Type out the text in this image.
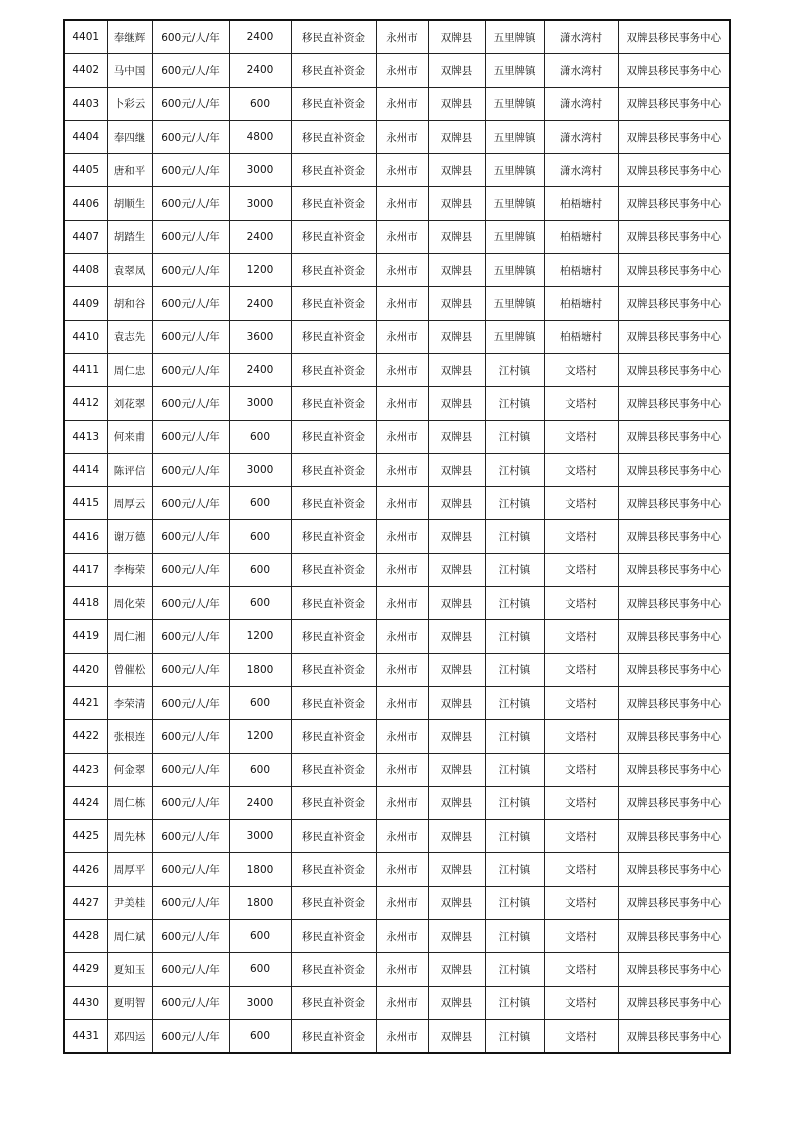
4401	奉继辉	600元/人/年	2400	移民直补资金	永州市	双牌县	五里牌镇	潇水湾村	双牌县移民事务中心
4402	马中国	600元/人/年	2400	移民直补资金	永州市	双牌县	五里牌镇	潇水湾村	双牌县移民事务中心
4403	卜彩云	600元/人/年	600	移民直补资金	永州市	双牌县	五里牌镇	潇水湾村	双牌县移民事务中心
4404	奉四继	600元/人/年	4800	移民直补资金	永州市	双牌县	五里牌镇	潇水湾村	双牌县移民事务中心
4405	唐和平	600元/人/年	3000	移民直补资金	永州市	双牌县	五里牌镇	潇水湾村	双牌县移民事务中心
4406	胡顺生	600元/人/年	3000	移民直补资金	永州市	双牌县	五里牌镇	柏梧塘村	双牌县移民事务中心
4407	胡踏生	600元/人/年	2400	移民直补资金	永州市	双牌县	五里牌镇	柏梧塘村	双牌县移民事务中心
4408	袁翠凤	600元/人/年	1200	移民直补资金	永州市	双牌县	五里牌镇	柏梧塘村	双牌县移民事务中心
4409	胡和谷	600元/人/年	2400	移民直补资金	永州市	双牌县	五里牌镇	柏梧塘村	双牌县移民事务中心
4410	袁志先	600元/人/年	3600	移民直补资金	永州市	双牌县	五里牌镇	柏梧塘村	双牌县移民事务中心
4411	周仁忠	600元/人/年	2400	移民直补资金	永州市	双牌县	江村镇	文塔村	双牌县移民事务中心
4412	刘花翠	600元/人/年	3000	移民直补资金	永州市	双牌县	江村镇	文塔村	双牌县移民事务中心
4413	何来甫	600元/人/年	600	移民直补资金	永州市	双牌县	江村镇	文塔村	双牌县移民事务中心
4414	陈评信	600元/人/年	3000	移民直补资金	永州市	双牌县	江村镇	文塔村	双牌县移民事务中心
4415	周厚云	600元/人/年	600	移民直补资金	永州市	双牌县	江村镇	文塔村	双牌县移民事务中心
4416	谢万德	600元/人/年	600	移民直补资金	永州市	双牌县	江村镇	文塔村	双牌县移民事务中心
4417	李梅荣	600元/人/年	600	移民直补资金	永州市	双牌县	江村镇	文塔村	双牌县移民事务中心
4418	周化荣	600元/人/年	600	移民直补资金	永州市	双牌县	江村镇	文塔村	双牌县移民事务中心
4419	周仁湘	600元/人/年	1200	移民直补资金	永州市	双牌县	江村镇	文塔村	双牌县移民事务中心
4420	曾催松	600元/人/年	1800	移民直补资金	永州市	双牌县	江村镇	文塔村	双牌县移民事务中心
4421	李荣清	600元/人/年	600	移民直补资金	永州市	双牌县	江村镇	文塔村	双牌县移民事务中心
4422	张根连	600元/人/年	1200	移民直补资金	永州市	双牌县	江村镇	文塔村	双牌县移民事务中心
4423	何金翠	600元/人/年	600	移民直补资金	永州市	双牌县	江村镇	文塔村	双牌县移民事务中心
4424	周仁栋	600元/人/年	2400	移民直补资金	永州市	双牌县	江村镇	文塔村	双牌县移民事务中心
4425	周先林	600元/人/年	3000	移民直补资金	永州市	双牌县	江村镇	文塔村	双牌县移民事务中心
4426	周厚平	600元/人/年	1800	移民直补资金	永州市	双牌县	江村镇	文塔村	双牌县移民事务中心
4427	尹美桂	600元/人/年	1800	移民直补资金	永州市	双牌县	江村镇	文塔村	双牌县移民事务中心
4428	周仁斌	600元/人/年	600	移民直补资金	永州市	双牌县	江村镇	文塔村	双牌县移民事务中心
4429	夏知玉	600元/人/年	600	移民直补资金	永州市	双牌县	江村镇	文塔村	双牌县移民事务中心
4430	夏明智	600元/人/年	3000	移民直补资金	永州市	双牌县	江村镇	文塔村	双牌县移民事务中心
4431	邓四运	600元/人/年	600	移民直补资金	永州市	双牌县	江村镇	文塔村	双牌县移民事务中心
